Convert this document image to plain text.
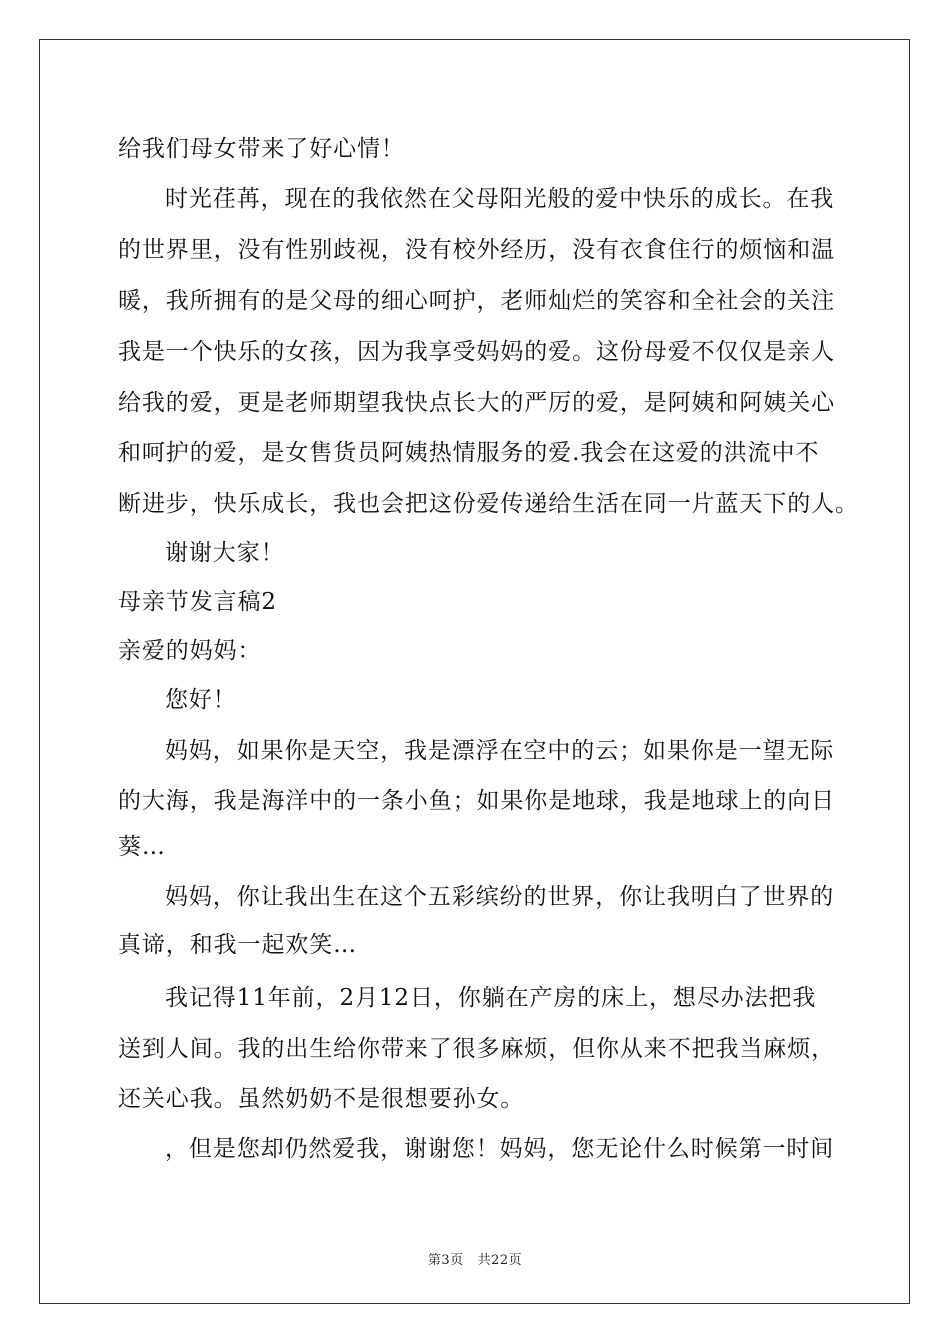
给我们母女带来了好心情！
时光荏苒，现在的我依然在父母阳光般的爱中快乐的成长。在我
的世界里，没有性别歧视，没有校外经历，没有衣食住行的烦恼和温
暖，我所拥有的是父母的细心呵护，老师灿烂的笑容和全社会的关注
我是一个快乐的女孩，因为我享受妈妈的爱。这份母爱不仅仅是亲人
给我的爱，更是老师期望我快点长大的严厉的爱，是阿姨和阿姨关心
和呵护的爱，是女售货员阿姨热情服务的爱.我会在这爱的洪流中不
断进步，快乐成长，我也会把这份爱传递给生活在同一片蓝天下的人。
谢谢大家！
母亲节发言稿2
亲爱的妈妈：
您好！
妈妈，如果你是天空，我是漂浮在空中的云；如果你是一望无际
的大海，我是海洋中的一条小鱼；如果你是地球，我是地球上的向日
葵…
妈妈，你让我出生在这个五彩缤纷的世界，你让我明白了世界的
真谛，和我一起欢笑…
我记得11年前，2月12日，你躺在产房的床上，想尽办法把我
送到人间。我的出生给你带来了很多麻烦，但你从来不把我当麻烦，
还关心我。虽然奶奶不是很想要孙女。
，但是您却仍然爱我，谢谢您！妈妈，您无论什么时候第一时间
第3页 共22页
